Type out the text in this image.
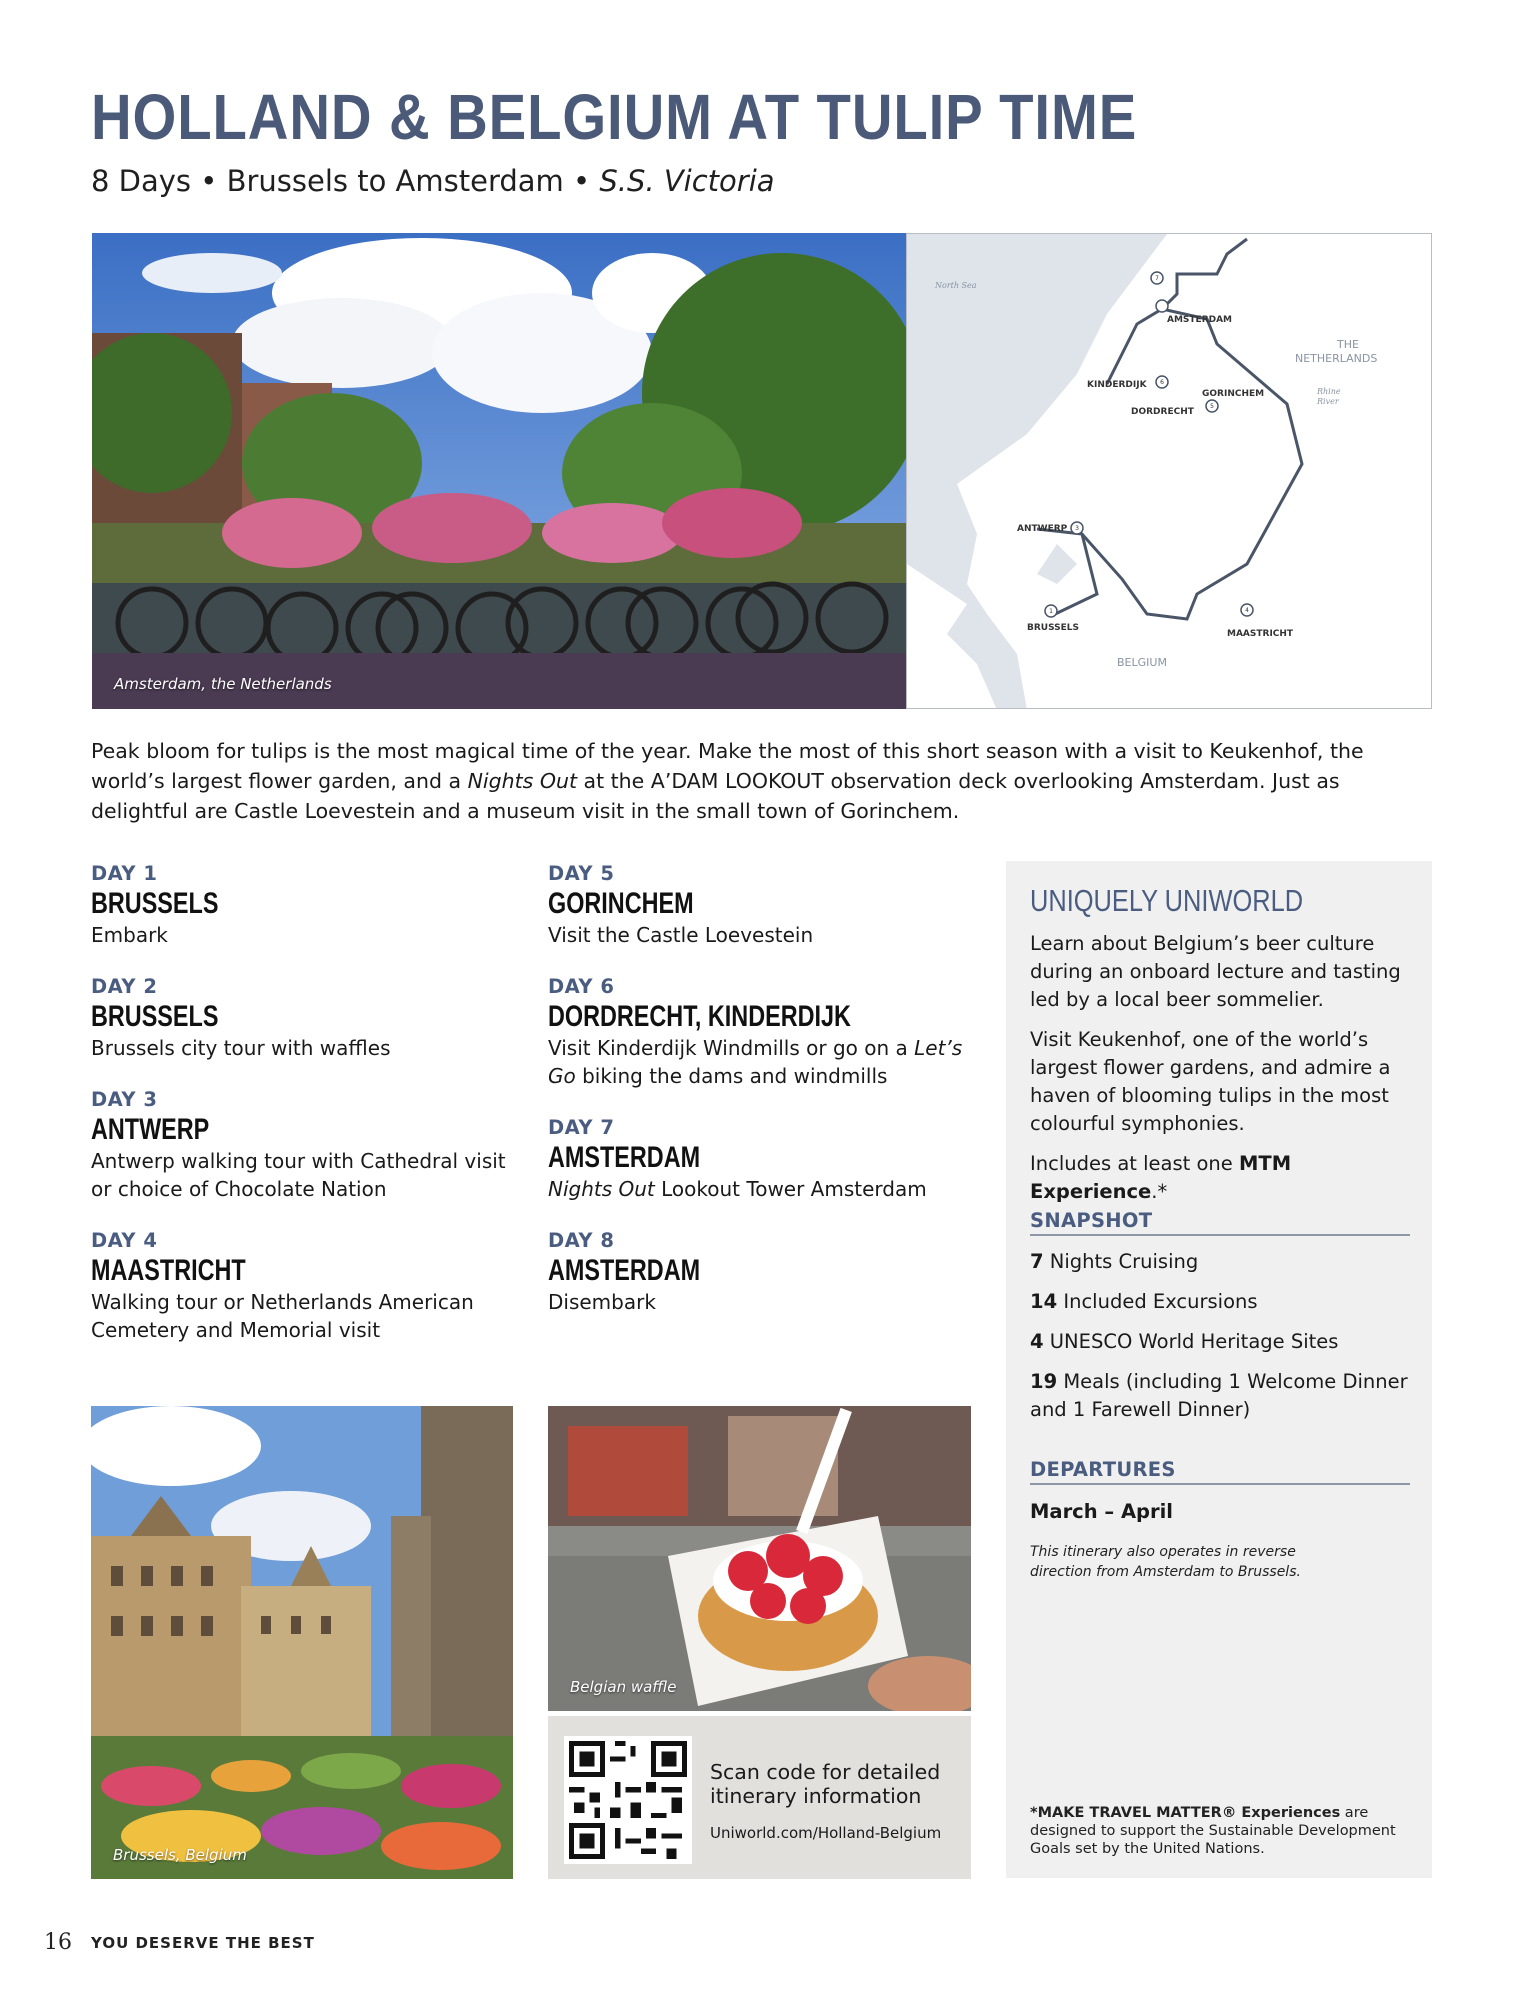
HOLLAND & BELGIUM AT TULIP TIME
8 Days • Brussels to Amsterdam • S.S. Victoria
Amsterdam, the Netherlands
1
3
4
5
6
7
BRUSSELS
ANTWERP
MAASTRICHT
GORINCHEM
KINDERDIJK
DORDRECHT
AMSTERDAM
THE
NETHERLANDS
BELGIUM
North Sea
Rhine
River
Peak bloom for tulips is the most magical time of the year. Make the most of this short season with a visit to Keukenhof, the world’s largest flower garden, and a Nights Out at the A’DAM LOOKOUT observation deck overlooking Amsterdam. Just as delightful are Castle Loevestein and a museum visit in the small town of Gorinchem.
DAY 1
BRUSSELS
Embark
DAY 2
BRUSSELS
Brussels city tour with waffles
DAY 3
ANTWERP
Antwerp walking tour with Cathedral visit or choice of Chocolate Nation
DAY 4
MAASTRICHT
Walking tour or Netherlands American Cemetery and Memorial visit
DAY 5
GORINCHEM
Visit the Castle Loevestein
DAY 6
DORDRECHT, KINDERDIJK
Visit Kinderdijk Windmills or go on a Let’s Go biking the dams and windmills
DAY 7
AMSTERDAM
Nights Out Lookout Tower Amsterdam
DAY 8
AMSTERDAM
Disembark
UNIQUELY UNIWORLD
Learn about Belgium’s beer culture during an onboard lecture and tasting led by a local beer sommelier.
Visit Keukenhof, one of the world’s largest flower gardens, and admire a haven of blooming tulips in the most colourful symphonies.
Includes at least one MTM Experience.*
SNAPSHOT
7 Nights Cruising
14 Included Excursions
4 UNESCO World Heritage Sites
19 Meals (including 1 Welcome Dinner and 1 Farewell Dinner)
DEPARTURES
March – April
This itinerary also operates in reverse direction from Amsterdam to Brussels.
*MAKE TRAVEL MATTER® Experiences are designed to support the Sustainable Development Goals set by the United Nations.
Brussels, Belgium
Belgian waffle
Scan code for detailed itinerary information
Uniworld.com/Holland-Belgium
16 YOU DESERVE THE BEST
